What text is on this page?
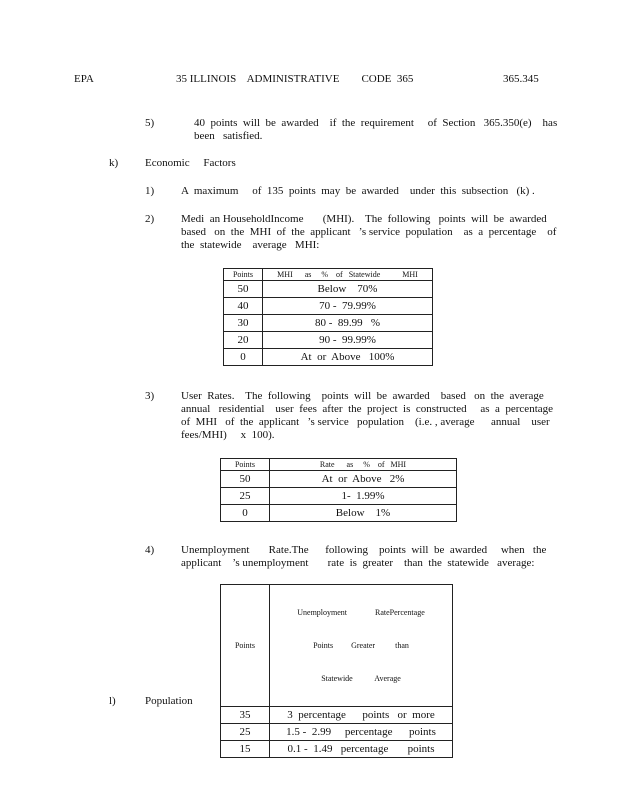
EPA	35 ILLINOIS    ADMINISTRATIVE        CODE  365	365.345
5)	40  points  will  be  awarded    if  the  requirement     of  Section   365.350(e)    has
been   satisfied.
k) Economic     Factors
1) A  maximum     of  135  points  may  be  awarded    under  this  subsection   (k) .
2) Medi  an HouseholdIncome       (MHI).    The  following   points  will  be  awarded
based   on  the  MHI  of  the  applicant   ’s service  population    as  a  percentage    of
the  statewide    average   MHI:
Points	MHI      as     %    of   Statewide           MHI
50	Below    70%
40	70 -  79.99%
30	80 -  89.99   %
20	90 -  99.99%
0	At  or  Above   100%
3) User  Rates.    The  following    points  will  be  awarded    based   on  the  average
annual   residential    user  fees  after  the  project  is  constructed     as  a  percentage
of  MHI   of  the  applicant   ’s service   population    (i.e. , average      annual    user
fees/MHI)     x  100).
Points	Rate      as     %    of   MHI
50	At  or  Above   2%
25	1-  1.99%
0	Below    1%
4) Unemployment       Rate.The      following    points  will  be  awarded     when   the
applicant    ’s unemployment       rate  is  greater    than  the  statewide   average:
Points	Unemployment              RatePercentage

Points         Greater          than

Statewide           Average

35	3  percentage      points   or  more
25	1.5 -  2.99     percentage      points
15	0.1 -  1.49   percentage       points
l)	Population
